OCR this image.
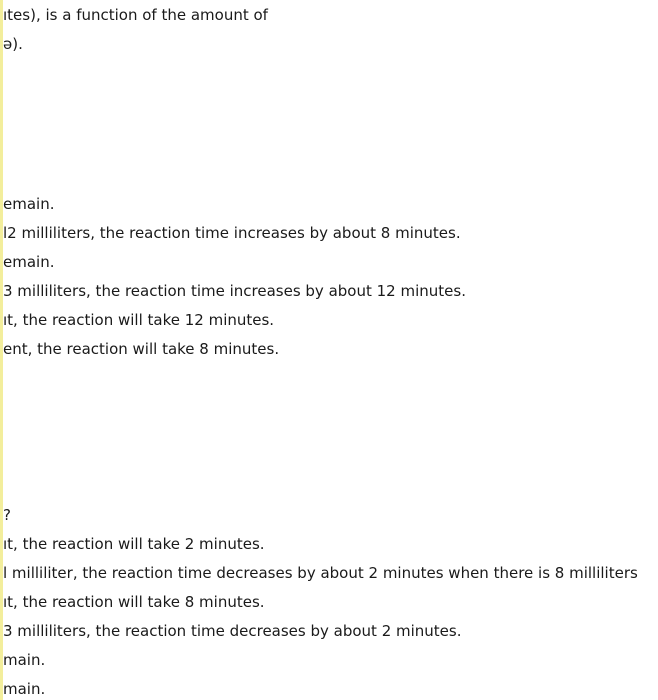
ıtes), is a function of the amount of
ə).
emain.
l2 milliliters, the reaction time increases by about 8 minutes.
emain.
3 milliliters, the reaction time increases by about 12 minutes.
ıt, the reaction will take 12 minutes.
ent, the reaction will take 8 minutes.
?
ıt, the reaction will take 2 minutes.
l milliliter, the reaction time decreases by about 2 minutes when there is 8 milliliters
ıt, the reaction will take 8 minutes.
3 milliliters, the reaction time decreases by about 2 minutes.
main.
main.
